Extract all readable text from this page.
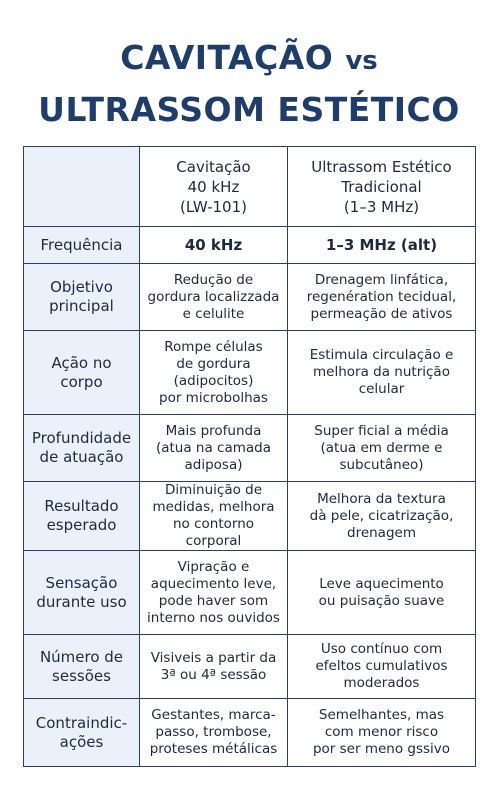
CAVITAÇÃO vs
ULTRASSOM ESTÉTICO

	Cavitação
40 kHz
(LW-101)	Ultrassom Estético
Tradicional
(1–3 MHz)

Frequência	40 kHz	1–3 MHz (alt)

Objetivo
principal	Redução de
gordura localizzada
e celulite	Drenagem linfática,
regenération tecidual,
permeação de ativos

Ação no
corpo	Rompe células
de gordura
(adipocitos)
por microbolhas	Estimula circulação e
melhora da nutrição
celular

Profundidade
de atuação	Mais profunda
(atua na camada
adiposa)	Super ficial a média
(atua em derme e
subcutâneo)

Resultado
esperado	Diminuição de
medidas, melhora
no contorno corporal	Melhora da textura
dà pele, cicatrização,
drenagem

Sensação
durante uso	Vipração e
aquecimento leve,
pode haver som
interno nos ouvidos	Leve aquecimento
ou puisação suave

Número de
sessões	Visiveis a partir da
3ª ou 4ª sessão	Uso contínuo com
efeltos cumulativos
moderados

Contraindic-
ações	Gestantes, marca-
passo, trombose,
proteses métálicas	Semelhantes, mas
com menor risco
por ser meno gssivo
